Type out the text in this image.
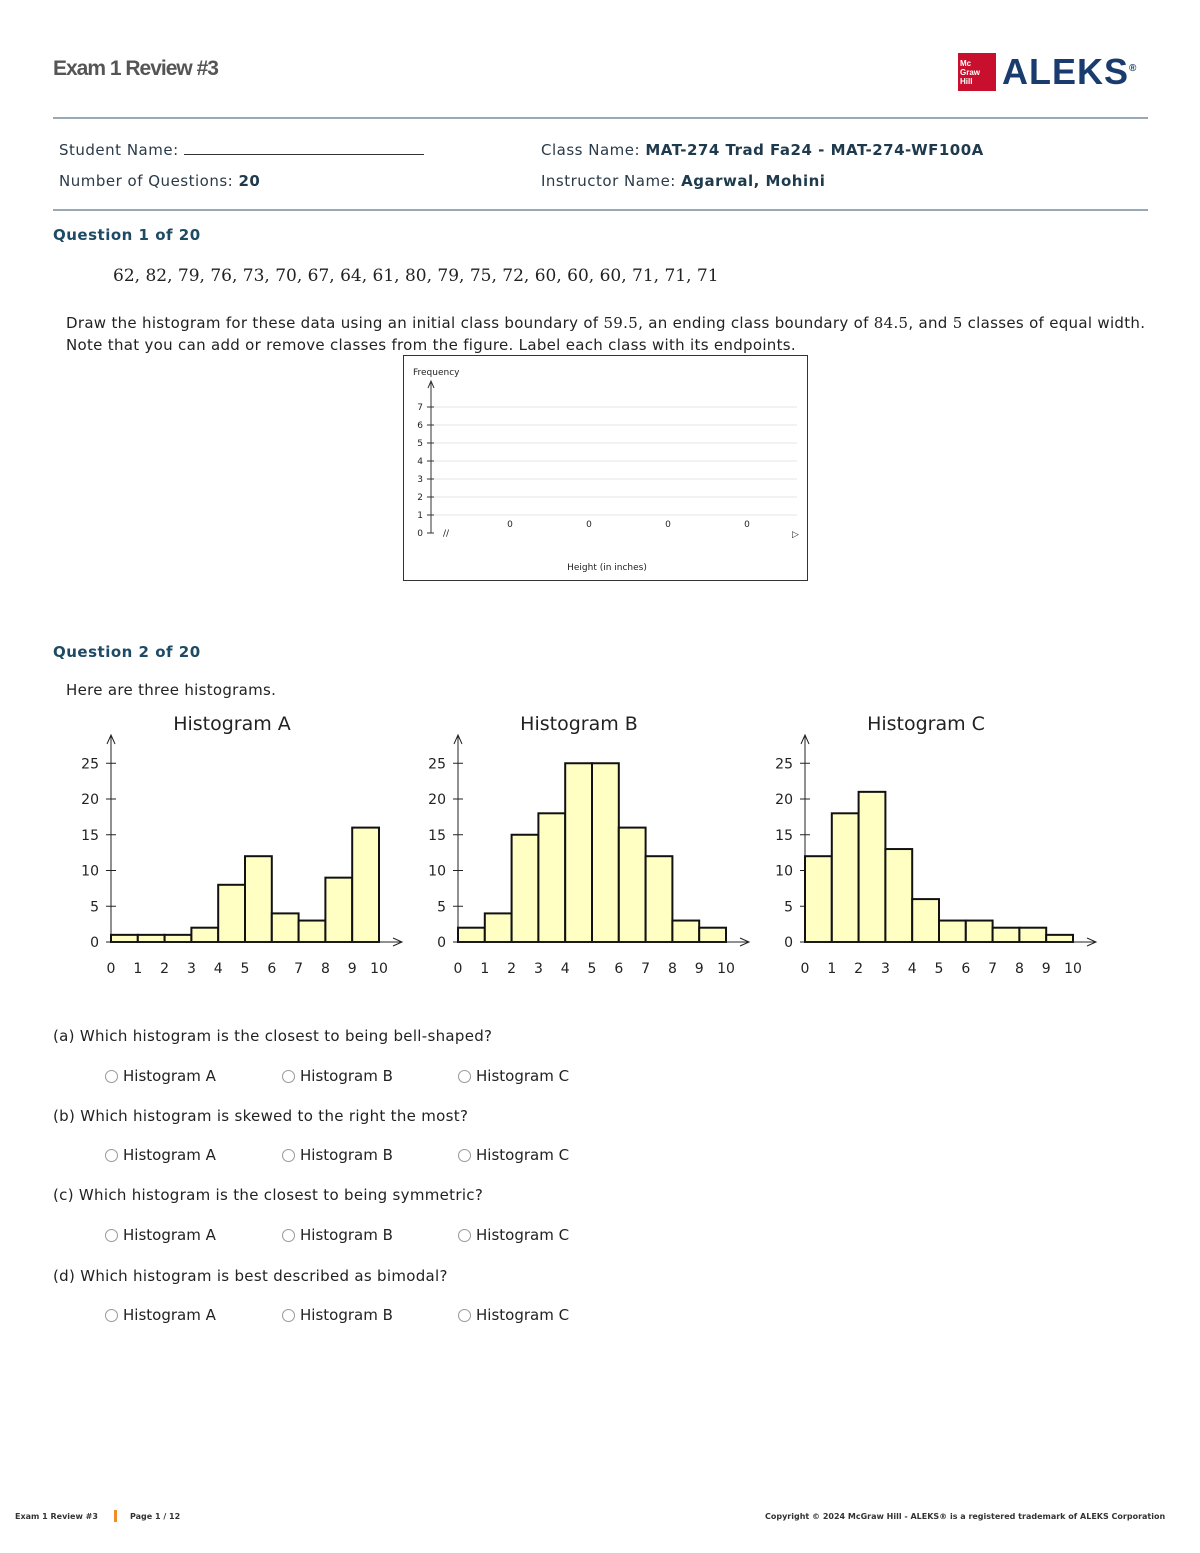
Exam 1 Review #3	Mc
Graw
Hill ALEKS®
Student Name:
Number of Questions: 20
Class Name: MAT-274 Trad Fa24 - MAT-274-WF100A
Instructor Name: Agarwal, Mohini
Question 1 of 20
62, 82, 79, 76, 73, 70, 67, 64, 61, 80, 79, 75, 72, 60, 60, 60, 71, 71, 71
Draw the histogram for these data using an initial class boundary of 59.5, an ending class boundary of 84.5, and 5 classes of equal width. Note that you can add or remove classes from the figure. Label each class with its endpoints.
Frequency
0
1
2
3
4
5
6
7
//	▷
0	0	0	0
Height (in inches)
Question 2 of 20
Here are three histograms.
Histogram A
0
5
10
15
20
25
0 1 2 3 4 5 6 7 8 9 10
Histogram B
0
5
10
15
20
25
0 1 2 3 4 5 6 7 8 9 10
Histogram C
0
5
10
15
20
25
0 1 2 3 4 5 6 7 8 9 10
(a) Which histogram is the closest to being bell-shaped?
(b) Which histogram is skewed to the right the most?
(c) Which histogram is the closest to being symmetric?
(d) Which histogram is best described as bimodal?
Histogram A	Histogram B	Histogram C
Histogram A	Histogram B	Histogram C
Histogram A	Histogram B	Histogram C
Histogram A	Histogram B	Histogram C
Exam 1 Review #3	Page 1 / 12	Copyright © 2024 McGraw Hill - ALEKS® is a registered trademark of ALEKS Corporation
